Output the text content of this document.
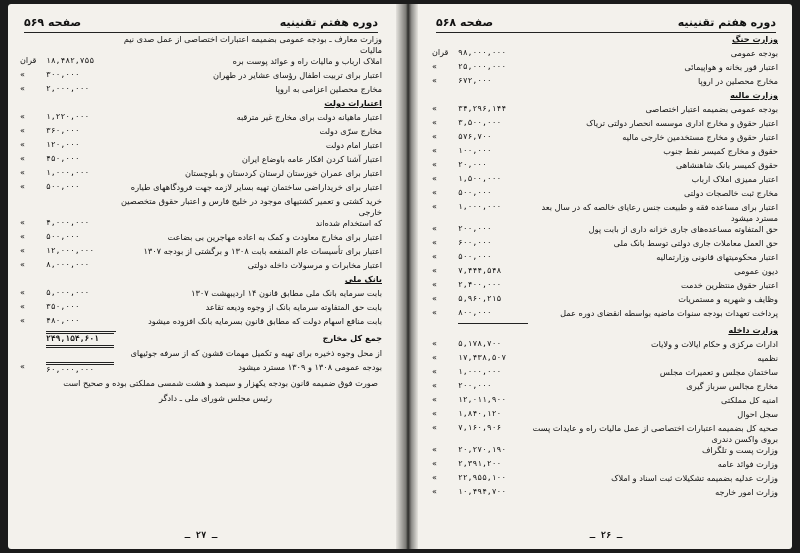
دوره هفتم تقنینیه
صفحه ۵۶۹
وزارت معارف ـ بودجه عمومی بضمیمه اعتبارات اختصاصی از عمل صدی نیم مالیات
املاک ارباب و مالیات راه و عوائد پوست بره
۱۸,۴۸۲,۷۵۵
قران
اعتبار برای تربیت اطفال رؤسای عشایر در طهران
۳۰۰,۰۰۰
»
مخارج محصلین اعزامی به اروپا
۲,۰۰۰,۰۰۰
»
اعتبارات دولت
اعتبار ماهیانه دولت برای مخارج غیر مترقبه
۱,۲۲۰,۰۰۰
»
مخارج سرّی دولت
۳۶۰,۰۰۰
»
اعتبار امام دولت
۱۲۰,۰۰۰
»
اعتبار آشنا کردن افکار عامه باوضاع ایران
۴۵۰,۰۰۰
»
اعتبار برای عمران خوزستان لرستان کردستان و بلوچستان
۱,۰۰۰,۰۰۰
»
اعتبار برای خریداراضی ساختمان تهیه بسایر لازمه جهت فرودگاههای طیاره
۵۰۰,۰۰۰
»
خرید کشتی و تعمیر کشتیهای موجود در خلیج فارس و اعتبار حقوق متخصصین خارجی
که استخدام شده‌اند
۴,۰۰۰,۰۰۰
»
اعتبار برای مخارج معاودت و کمک به اعاده مهاجرین بی‌ بضاعت
۵۰۰,۰۰۰
»
اعتبار برای تأسیسات عام المنفعه بابت ۱۳۰۸ و برگشتی از بودجه ۱۳۰۷
۱۲,۰۰۰,۰۰۰
»
اعتبار مخابرات و مرسولات داخله دولتی
۸,۰۰۰,۰۰۰
»
بانک ملی
بابت سرمایه بانک ملی مطابق قانون ۱۴ اردیبهشت ۱۳۰۷
۵,۰۰۰,۰۰۰
»
بابت حق المتفاوته سرمایه بانک از وجوه ودیعه تقاعد
۳۵۰,۰۰۰
»
بابت منافع اسهام دولت که مطابق قانون بسرمایه بانک افزوده میشود
۴۸۰,۰۰۰
»
جمع کل مخارج
۲۴۹,۱۵۴,۶۰۱
از محل وجوه ذخیره برای تهیه و تکمیل مهمات قشون که از سرفه جوئیهای
بودجه عمومی ۱۳۰۸ و ۱۳۰۹ مسترد میشود
۶۰,۰۰۰,۰۰۰
»
صورت فوق ضمیمه قانون بودجه یکهزار و سیصد و هشت شمسی مملکتی بوده و صحیح است
رئیس مجلس شورای ملی ـ دادگر
ـ ۲۷ ـ
دوره هفتم تقنینیه
صفحه ۵۶۸
وزارت جنگ
بودجه عمومی
۹۸,۰۰۰,۰۰۰
قران
اعتبار قور بخانه و هواپیمائی
۲۵,۰۰۰,۰۰۰
»
مخارج محصلین در اروپا
۶۷۲,۰۰۰
»
وزارت مالیه
بودجه عمومی بضمیمه اعتبار اختصاصی
۳۴,۲۹۶,۱۴۴
»
اعتبار حقوق و مخارج اداری موسسه انحصار دولتی تریاک
۳,۵۰۰,۰۰۰
»
اعتبار حقوق و مخارج مستخدمین خارجی مالیه
۵۷۶,۷۰۰
»
حقوق و مخارج کمیسر نفط جنوب
۱۰۰,۰۰۰
»
حقوق کمیسر بانک شاهنشاهی
۲۰,۰۰۰
»
اعتبار ممیزی املاک ارباب
۱,۵۰۰,۰۰۰
»
مخارج ثبت خالصجات دولتی
۵۰۰,۰۰۰
»
اعتبار برای مساعده فقه و طبیعت جنس رعایای خالصه که در سال بعد مسترد میشود
۱,۰۰۰,۰۰۰
»
حق المتفاوته مساعده‌های جاری خزانه داری از بابت پول
۲۰۰,۰۰۰
»
حق العمل معاملات جاری دولتی توسط بانک ملی
۶۰۰,۰۰۰
»
اعتبار محکومیتهای قانونی وزارتمالیه
۵۰۰,۰۰۰
»
دیون عمومی
۷,۴۴۴,۵۴۸
»
اعتبار حقوق منتظرین خدمت
۲,۴۰۰,۰۰۰
»
وظایف و شهریه و مستمریات
۵,۹۶۰,۲۱۵
»
پرداخت تعهدات بودجه سنوات ماضیه بواسطه انقضای دوره عمل
۸۰۰,۰۰۰
»
وزارت داخله
ادارات مرکزی و حکام ایالات و ولایات
۵,۱۷۸,۷۰۰
»
نظمیه
۱۷,۴۳۸,۵۰۷
»
ساختمان مجلس و تعمیرات مجلس
۱,۰۰۰,۰۰۰
»
مخارج مجالس سرباز گیری
۲۰۰,۰۰۰
»
امنیه کل مملکتی
۱۲,۰۱۱,۹۰۰
»
سجل احوال
۱,۸۴۰,۱۲۰
»
صحیه کل بضمیمه اعتبارات اختصاصی از عمل مالیات راه و عایدات پست بروی واکسن دندری
۷,۱۶۰,۹۰۶
»
وزارت پست و تلگراف
۲۰,۲۷۰,۱۹۰
»
وزارت فوائد عامه
۲,۳۹۱,۲۰۰
»
وزارت عدلیه بضمیمه تشکیلات ثبت اسناد و املاک
۲۲,۹۵۵,۱۰۰
»
وزارت امور خارجه
۱۰,۴۹۴,۷۰۰
»
ـ ۲۶ ـ
